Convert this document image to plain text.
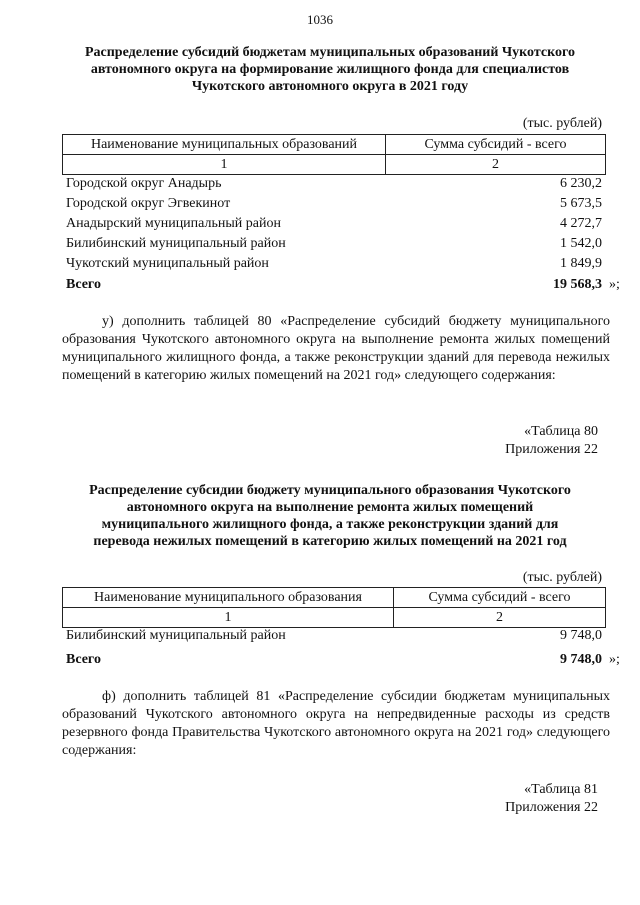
1036
Распределение субсидий бюджетам муниципальных образований Чукотского
автономного округа на формирование жилищного фонда для специалистов
Чукотского автономного округа в 2021 году
(тыс. рублей)
Наименование муниципальных образований	Сумма субсидий - всего
1	2
Городской округ Анадырь	6 230,2
Городской округ Эгвекинот	5 673,5
Анадырский муниципальный район	4 272,7
Билибинский муниципальный район	1 542,0
Чукотский муниципальный район	1 849,9
Всего	19 568,3 »;
у) дополнить таблицей 80 «Распределение субсидий бюджету муниципального образования Чукотского автономного округа на выполнение ремонта жилых помещений муниципального жилищного фонда, а также реконструкции зданий для перевода нежилых помещений в категорию жилых помещений на 2021 год» следующего содержания:
«Таблица 80
Приложения 22
Распределение субсидии бюджету муниципального образования Чукотского
автономного округа на выполнение ремонта жилых помещений
муниципального жилищного фонда, а также реконструкции зданий для
перевода нежилых помещений в категорию жилых помещений на 2021 год
(тыс. рублей)
Наименование муниципального образования	Сумма субсидий - всего
1	2
Билибинский муниципальный район	9 748,0
Всего	9 748,0 »;
ф) дополнить таблицей 81 «Распределение субсидии бюджетам муниципальных образований Чукотского автономного округа на непредвиденные расходы из средств резервного фонда Правительства Чукотского автономного округа на 2021 год» следующего содержания:
«Таблица 81
Приложения 22
